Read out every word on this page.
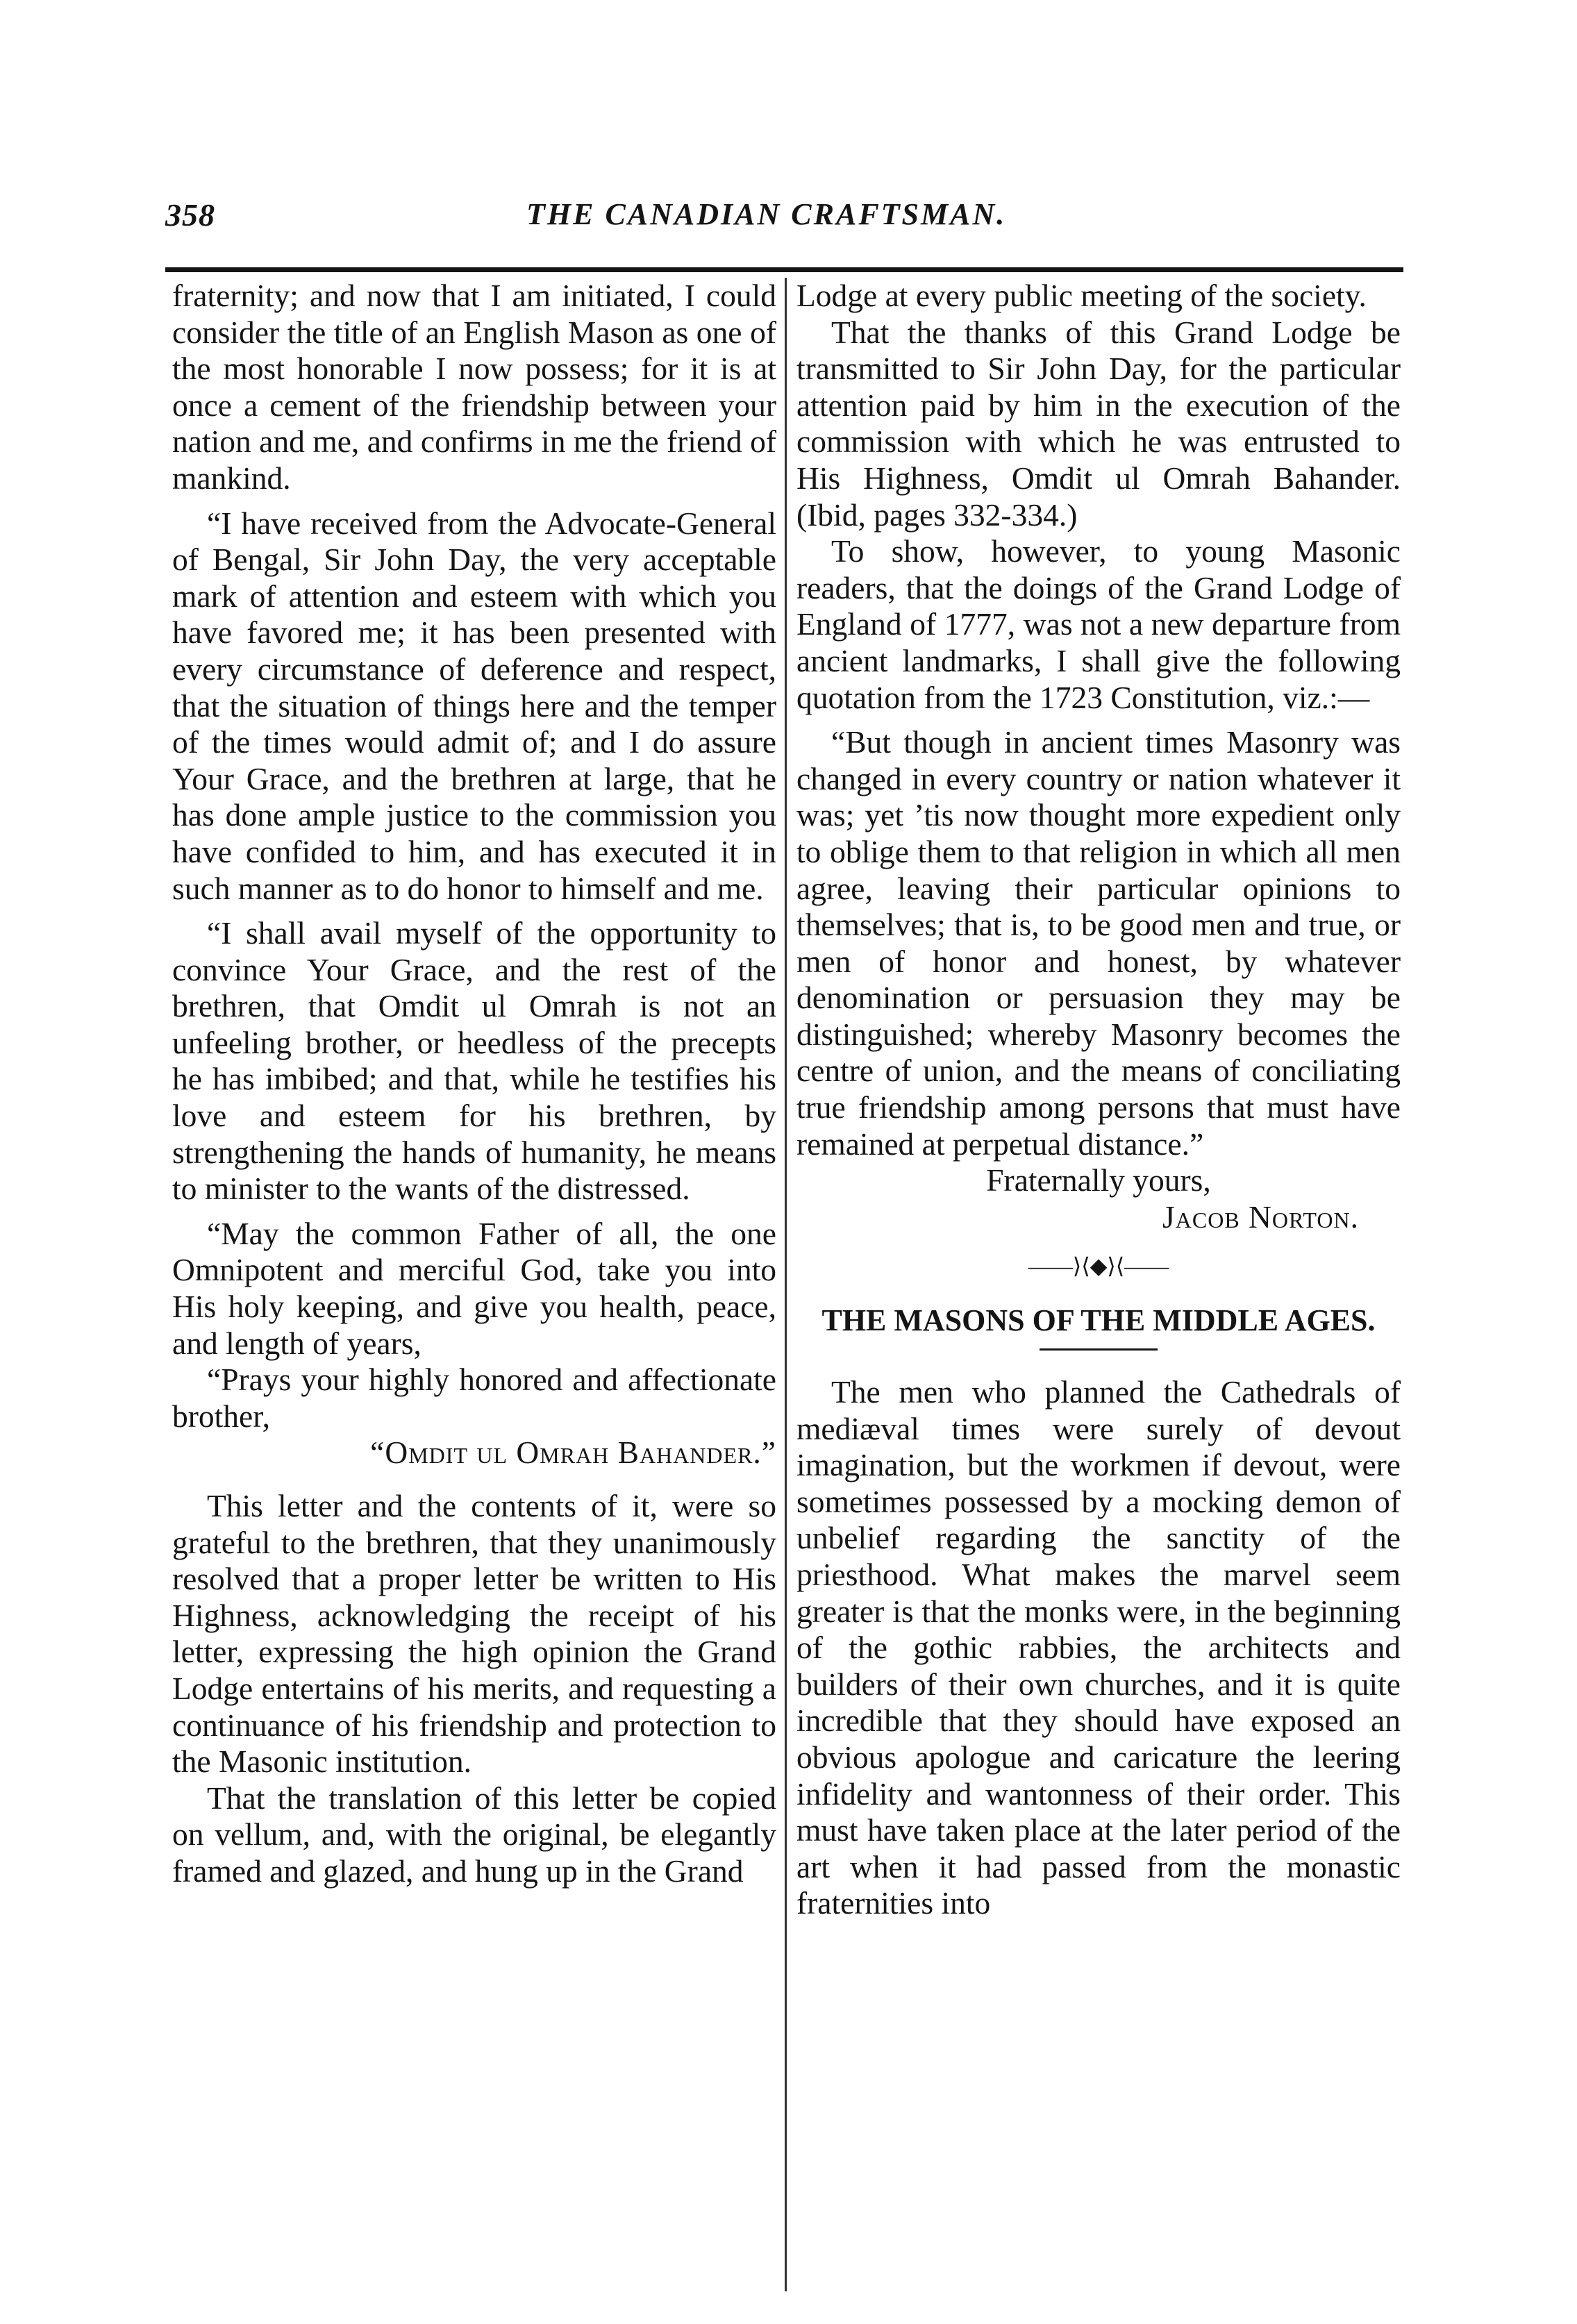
358	THE CANADIAN CRAFTSMAN.

fraternity; and now that I am initiated, I could consider the title of an English Mason as one of the most honorable I now possess; for it is at once a cement of the friendship between your nation and me, and confirms in me the friend of mankind.

“I have received from the Advocate-General of Bengal, Sir John Day, the very acceptable mark of attention and esteem with which you have favored me; it has been presented with every circumstance of deference and respect, that the situation of things here and the temper of the times would admit of; and I do assure Your Grace, and the brethren at large, that he has done ample justice to the commission you have confided to him, and has executed it in such manner as to do honor to himself and me.

“I shall avail myself of the opportunity to convince Your Grace, and the rest of the brethren, that Omdit ul Omrah is not an unfeeling brother, or heedless of the precepts he has imbibed; and that, while he testifies his love and esteem for his brethren, by strengthening the hands of humanity, he means to minister to the wants of the distressed.

“May the common Father of all, the one Omnipotent and merciful God, take you into His holy keeping, and give you health, peace, and length of years,

“Prays your highly honored and affectionate brother,

“Omdit ul Omrah Bahander.”

This letter and the contents of it, were so grateful to the brethren, that they unanimously resolved that a proper letter be written to His Highness, acknowledging the receipt of his letter, expressing the high opinion the Grand Lodge entertains of his merits, and requesting a continuance of his friendship and protection to the Masonic institution.

That the translation of this letter be copied on vellum, and, with the original, be elegantly framed and glazed, and hung up in the Grand

Lodge at every public meeting of the society.

That the thanks of this Grand Lodge be transmitted to Sir John Day, for the particular attention paid by him in the execution of the commission with which he was entrusted to His Highness, Omdit ul Omrah Bahander. (Ibid, pages 332-334.)

To show, however, to young Masonic readers, that the doings of the Grand Lodge of England of 1777, was not a new departure from ancient landmarks, I shall give the following quotation from the 1723 Constitution, viz.:—

“But though in ancient times Masonry was changed in every country or nation whatever it was; yet ’tis now thought more expedient only to oblige them to that religion in which all men agree, leaving their particular opinions to themselves; that is, to be good men and true, or men of honor and honest, by whatever denomination or persuasion they may be distinguished; whereby Masonry becomes the centre of union, and the means of conciliating true friendship among persons that must have remained at perpetual distance.”

Fraternally yours,

Jacob Norton.

——⟩⟨◆⟩⟨——
THE MASONS OF THE MIDDLE AGES.

The men who planned the Cathedrals of mediæval times were surely of devout imagination, but the workmen if devout, were sometimes possessed by a mocking demon of unbelief regarding the sanctity of the priesthood. What makes the marvel seem greater is that the monks were, in the beginning of the gothic rabbies, the architects and builders of their own churches, and it is quite incredible that they should have exposed an obvious apologue and caricature the leering infidelity and wantonness of their order. This must have taken place at the later period of the art when it had passed from the monastic fraternities into
